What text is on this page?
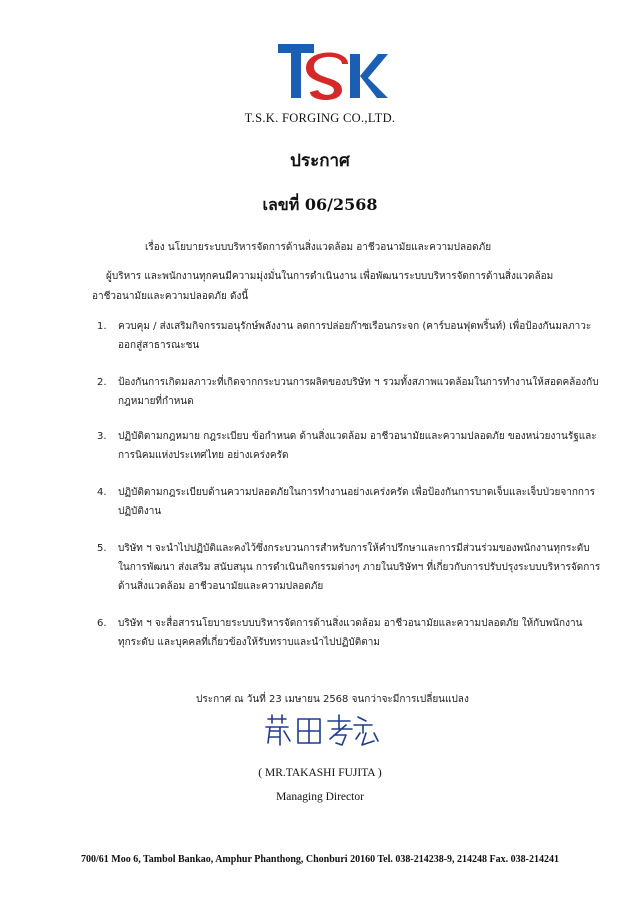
T.S.K. FORGING CO.,LTD.
ประกาศ
เลขที่ 06/2568
เรื่อง นโยบายระบบบริหารจัดการด้านสิ่งแวดล้อม อาชีวอนามัยและความปลอดภัย
ผู้บริหาร และพนักงานทุกคนมีความมุ่งมั่นในการดำเนินงาน เพื่อพัฒนาระบบบริหารจัดการด้านสิ่งแวดล้อม
อาชีวอนามัยและความปลอดภัย ดังนี้
1.	ควบคุม / ส่งเสริมกิจกรรมอนุรักษ์พลังงาน ลดการปล่อยก๊าซเรือนกระจก (คาร์บอนฟุตพริ้นท์) เพื่อป้องกันมลภาวะ
ออกสู่สาธารณะชน
2.	ป้องกันการเกิดมลภาวะที่เกิดจากกระบวนการผลิตของบริษัท ฯ รวมทั้งสภาพแวดล้อมในการทำงานให้สอดคล้องกับ
กฎหมายที่กำหนด
3.	ปฏิบัติตามกฎหมาย กฎระเบียบ ข้อกำหนด ด้านสิ่งแวดล้อม อาชีวอนามัยและความปลอดภัย ของหน่วยงานรัฐและ
การนิคมแห่งประเทศไทย อย่างเคร่งครัด
4.	ปฏิบัติตามกฎระเบียบด้านความปลอดภัยในการทำงานอย่างเคร่งครัด เพื่อป้องกันการบาดเจ็บและเจ็บป่วยจากการ
ปฏิบัติงาน
5.	บริษัท ฯ จะนำไปปฏิบัติและคงไว้ซึ่งกระบวนการสำหรับการให้คำปรึกษาและการมีส่วนร่วมของพนักงานทุกระดับ
ในการพัฒนา ส่งเสริม สนับสนุน การดำเนินกิจกรรมต่างๆ ภายในบริษัทฯ ที่เกี่ยวกับการปรับปรุงระบบบริหารจัดการ
ด้านสิ่งแวดล้อม อาชีวอนามัยและความปลอดภัย
6.	บริษัท ฯ จะสื่อสารนโยบายระบบบริหารจัดการด้านสิ่งแวดล้อม อาชีวอนามัยและความปลอดภัย ให้กับพนักงาน
ทุกระดับ และบุคคลที่เกี่ยวข้องให้รับทราบและนำไปปฏิบัติตาม
ประกาศ ณ วันที่ 23 เมษายน 2568 จนกว่าจะมีการเปลี่ยนแปลง
( MR.TAKASHI FUJITA )
Managing Director
700/61 Moo 6, Tambol Bankao, Amphur Phanthong, Chonburi 20160 Tel. 038-214238-9, 214248 Fax. 038-214241
